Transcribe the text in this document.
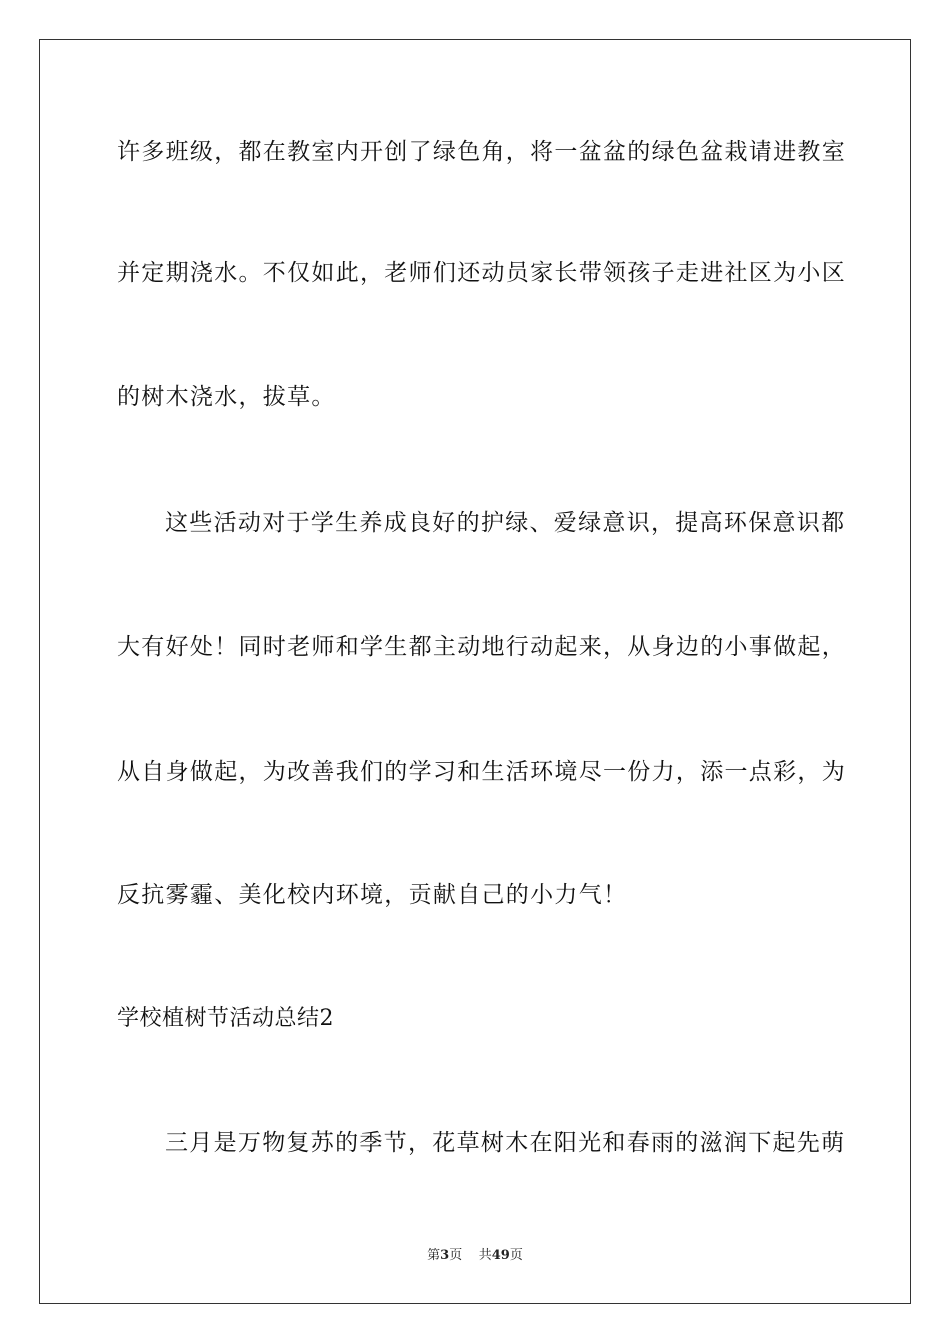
许多班级，都在教室内开创了绿色角，将一盆盆的绿色盆栽请进教室
并定期浇水。不仅如此，老师们还动员家长带领孩子走进社区为小区
的树木浇水，拔草。
这些活动对于学生养成良好的护绿、爱绿意识，提高环保意识都
大有好处！同时老师和学生都主动地行动起来，从身边的小事做起，
从自身做起，为改善我们的学习和生活环境尽一份力，添一点彩，为
反抗雾霾、美化校内环境，贡献自己的小力气！
学校植树节活动总结2
三月是万物复苏的季节，花草树木在阳光和春雨的滋润下起先萌
第3页 共49页
